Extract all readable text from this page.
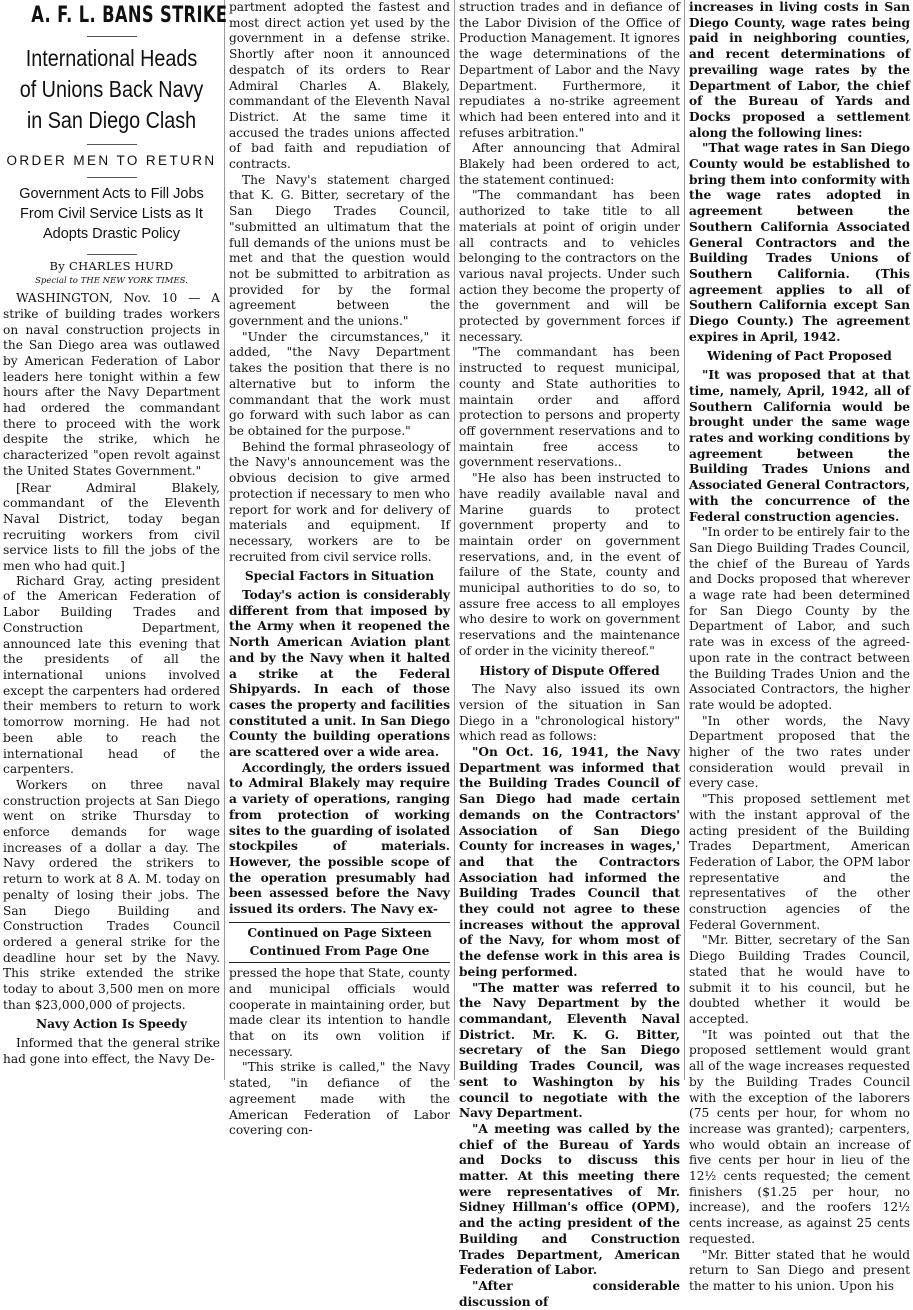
A. F. L. BANS STRIKE
International Heads of Unions Back Navy in San Diego Clash
ORDER MEN TO RETURN
Government Acts to Fill Jobs From Civil Service Lists as It Adopts Drastic Policy
By CHARLES HURD
Special to THE NEW YORK TIMES.

WASHINGTON, Nov. 10 — A strike of building trades workers on naval construction projects in the San Diego area was outlawed by American Federation of Labor leaders here tonight within a few hours after the Navy Department had ordered the commandant there to proceed with the work despite the strike, which he characterized "open revolt against the United States Government."

[Rear Admiral Blakely, commandant of the Eleventh Naval District, today began recruiting workers from civil service lists to fill the jobs of the men who had quit.]

Richard Gray, acting president of the American Federation of Labor Building Trades and Construction Department, announced late this evening that the presidents of all the international unions involved except the carpenters had ordered their members to return to work tomorrow morning. He had not been able to reach the international head of the carpenters.

Workers on three naval construction projects at San Diego went on strike Thursday to enforce demands for wage increases of a dollar a day. The Navy ordered the strikers to return to work at 8 A. M. today on penalty of losing their jobs. The San Diego Building and Construction Trades Council ordered a general strike for the deadline hour set by the Navy. This strike extended the strike today to about 3,500 men on more than $23,000,000 of projects.

Navy Action Is Speedy

Informed that the general strike had gone into effect, the Navy De-

partment adopted the fastest and most direct action yet used by the government in a defense strike. Shortly after noon it announced despatch of its orders to Rear Admiral Charles A. Blakely, commandant of the Eleventh Naval District. At the same time it accused the trades unions affected of bad faith and repudiation of contracts.

The Navy's statement charged that K. G. Bitter, secretary of the San Diego Trades Council, "submitted an ultimatum that the full demands of the unions must be met and that the question would not be submitted to arbitration as provided for by the formal agreement between the government and the unions."

"Under the circumstances," it added, "the Navy Department takes the position that there is no alternative but to inform the commandant that the work must go forward with such labor as can be obtained for the purpose."

Behind the formal phraseology of the Navy's announcement was the obvious decision to give armed protection if necessary to men who report for work and for delivery of materials and equipment. If necessary, workers are to be recruited from civil service rolls.

Special Factors in Situation

Today's action is considerably different from that imposed by the Army when it reopened the North American Aviation plant and by the Navy when it halted a strike at the Federal Shipyards. In each of those cases the property and facilities constituted a unit. In San Diego County the building operations are scattered over a wide area.

Accordingly, the orders issued to Admiral Blakely may require a variety of operations, ranging from protection of working sites to the guarding of isolated stockpiles of materials. However, the possible scope of the operation presumably had been assessed before the Navy issued its orders. The Navy ex-

Continued on Page Sixteen
Continued From Page One

pressed the hope that State, county and municipal officials would cooperate in maintaining order, but made clear its intention to handle that on its own volition if necessary.

"This strike is called," the Navy stated, "in defiance of the agreement made with the American Federation of Labor covering con-

struction trades and in defiance of the Labor Division of the Office of Production Management. It ignores the wage determinations of the Department of Labor and the Navy Department. Furthermore, it repudiates a no-strike agreement which had been entered into and it refuses arbitration."

After announcing that Admiral Blakely had been ordered to act, the statement continued:

"The commandant has been authorized to take title to all materials at point of origin under all contracts and to vehicles belonging to the contractors on the various naval projects. Under such action they become the property of the government and will be protected by government forces if necessary.

"The commandant has been instructed to request municipal, county and State authorities to maintain order and afford protection to persons and property off government reservations and to maintain free access to government reservations..

"He also has been instructed to have readily available naval and Marine guards to protect government property and to maintain order on government reservations, and, in the event of failure of the State, county and municipal authorities to do so, to assure free access to all employes who desire to work on government reservations and the maintenance of order in the vicinity thereof."

History of Dispute Offered

The Navy also issued its own version of the situation in San Diego in a "chronological history" which read as follows:

"On Oct. 16, 1941, the Navy Department was informed that the Building Trades Council of San Diego had made certain demands on the Contractors' Association of San Diego County for increases in wages,' and that the Contractors Association had informed the Building Trades Council that they could not agree to these increases without the approval of the Navy, for whom most of the defense work in this area is being performed.

"The matter was referred to the Navy Department by the commandant, Eleventh Naval District. Mr. K. G. Bitter, secretary of the San Diego Building Trades Council, was sent to Washington by his council to negotiate with the Navy Department.

"A meeting was called by the chief of the Bureau of Yards and Docks to discuss this matter. At this meeting there were representatives of Mr. Sidney Hillman's office (OPM), and the acting president of the Building and Construction Trades Department, American Federation of Labor.

"After considerable discussion of

increases in living costs in San Diego County, wage rates being paid in neighboring counties, and recent determinations of prevailing wage rates by the Department of Labor, the chief of the Bureau of Yards and Docks proposed a settlement along the following lines:

"That wage rates in San Diego County would be established to bring them into conformity with the wage rates adopted in agreement between the Southern California Associated General Contractors and the Building Trades Unions of Southern California. (This agreement applies to all of Southern California except San Diego County.) The agreement expires in April, 1942.

Widening of Pact Proposed

"It was proposed that at that time, namely, April, 1942, all of Southern California would be brought under the same wage rates and working conditions by agreement between the Building Trades Unions and Associated General Contractors, with the concurrence of the Federal construction agencies.

"In order to be entirely fair to the San Diego Building Trades Council, the chief of the Bureau of Yards and Docks proposed that wherever a wage rate had been determined for San Diego County by the Department of Labor, and such rate was in excess of the agreed-upon rate in the contract between the Building Trades Union and the Associated Contractors, the higher rate would be adopted.

"In other words, the Navy Department proposed that the higher of the two rates under consideration would prevail in every case.

"This proposed settlement met with the instant approval of the acting president of the Building Trades Department, American Federation of Labor, the OPM labor representative and the representatives of the other construction agencies of the Federal Government.

"Mr. Bitter, secretary of the San Diego Building Trades Council, stated that he would have to submit it to his council, but he doubted whether it would be accepted.

"It was pointed out that the proposed settlement would grant all of the wage increases requested by the Building Trades Council with the exception of the laborers (75 cents per hour, for whom no increase was granted); carpenters, who would obtain an increase of five cents per hour in lieu of the 12½ cents requested; the cement finishers ($1.25 per hour, no increase), and the roofers 12½ cents increase, as against 25 cents requested.

"Mr. Bitter stated that he would return to San Diego and present the matter to his union. Upon his
